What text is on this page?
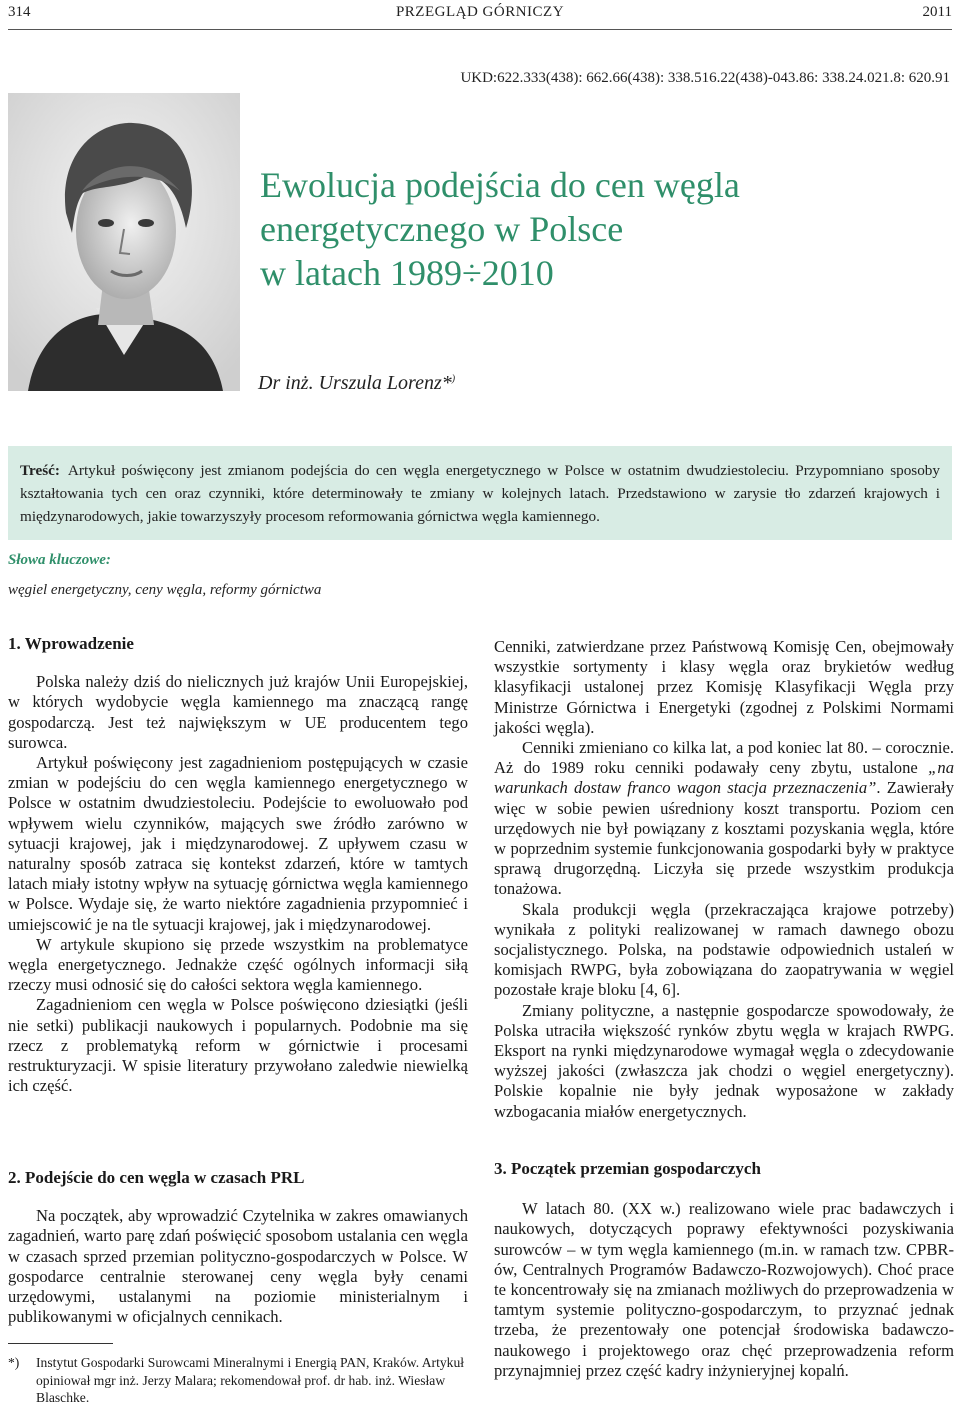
314	PRZEGLĄD GÓRNICZY	2011
UKD:622.333(438): 662.66(438): 338.516.22(438)-043.86: 338.24.021.8: 620.91
Ewolucja podejścia do cen węgla
energetycznego w Polsce
w latach 1989÷2010
Dr inż. Urszula Lorenz*)
Treść: Artykuł poświęcony jest zmianom podejścia do cen węgla energetycznego w Polsce w ostatnim dwudziestoleciu. Przypomniano sposoby kształtowania tych cen oraz czynniki, które determinowały te zmiany w kolejnych latach. Przedstawiono w zarysie tło zdarzeń krajowych i międzynarodowych, jakie towarzyszyły procesom reformowania górnictwa węgla kamiennego.
Słowa kluczowe:
węgiel energetyczny, ceny węgla, reformy górnictwa
1. Wprowadzenie

Polska należy dziś do nielicznych już krajów Unii Europejskiej, w których wydobycie węgla kamiennego ma znaczącą rangę gospodarczą. Jest też największym w UE producentem tego surowca.

Artykuł poświęcony jest zagadnieniom postępujących w czasie zmian w podejściu do cen węgla kamiennego energetycznego w Polsce w ostatnim dwudziestoleciu. Podejście to ewoluowało pod wpływem wielu czynników, mających swe źródło zarówno w sytuacji krajowej, jak i międzynarodowej. Z upływem czasu w naturalny sposób zatraca się kontekst zdarzeń, które w tamtych latach miały istotny wpływ na sytuację górnictwa węgla kamiennego w Polsce. Wydaje się, że warto niektóre zagadnienia przypomnieć i umiejscowić je na tle sytuacji krajowej, jak i międzynarodowej.

W artykule skupiono się przede wszystkim na problematyce węgla energetycznego. Jednakże część ogólnych informacji siłą rzeczy musi odnosić się do całości sektora węgla kamiennego.

Zagadnieniom cen węgla w Polsce poświęcono dziesiątki (jeśli nie setki) publikacji naukowych i popularnych. Podobnie ma się rzecz z problematyką reform w górnictwie i procesami restrukturyzacji. W spisie literatury przywołano zaledwie niewielką ich część.

2. Podejście do cen węgla w czasach PRL

Na początek, aby wprowadzić Czytelnika w zakres omawianych zagadnień, warto parę zdań poświęcić sposobom ustalania cen węgla w czasach sprzed przemian polityczno-gospodarczych w Polsce. W gospodarce centralnie sterowanej ceny węgla były cenami urzędowymi, ustalanymi na poziomie ministerialnym i publikowanymi w oficjalnych cennikach.

Cenniki, zatwierdzane przez Państwową Komisję Cen, obejmowały wszystkie sortymenty i klasy węgla oraz brykietów według klasyfikacji ustalonej przez Komisję Klasyfikacji Węgla przy Ministrze Górnictwa i Energetyki (zgodnej z Polskimi Normami jakości węgla).

Cenniki zmieniano co kilka lat, a pod koniec lat 80. – corocznie. Aż do 1989 roku cenniki podawały ceny zbytu, ustalone „na warunkach dostaw franco wagon stacja przeznaczenia”. Zawierały więc w sobie pewien uśredniony koszt transportu. Poziom cen urzędowych nie był powiązany z kosztami pozyskania węgla, które w poprzednim systemie funkcjonowania gospodarki były w praktyce sprawą drugorzędną. Liczyła się przede wszystkim produkcja tonażowa.

Skala produkcji węgla (przekraczająca krajowe potrzeby) wynikała z polityki realizowanej w ramach dawnego obozu socjalistycznego. Polska, na podstawie odpowiednich ustaleń w komisjach RWPG, była zobowiązana do zaopatrywania w węgiel pozostałe kraje bloku [4, 6].

Zmiany polityczne, a następnie gospodarcze spowodowały, że Polska utraciła większość rynków zbytu węgla w krajach RWPG. Eksport na rynki międzynarodowe wymagał węgla o zdecydowanie wyższej jakości (zwłaszcza jak chodzi o węgiel energetyczny). Polskie kopalnie nie były jednak wyposażone w zakłady wzbogacania miałów energetycznych.

3. Początek przemian gospodarczych

W latach 80. (XX w.) realizowano wiele prac badawczych i naukowych, dotyczących poprawy efektywności pozyskiwania surowców – w tym węgla kamiennego (m.in. w ramach tzw. CPBR-ów, Centralnych Programów Badawczo-Rozwojowych). Choć prace te koncentrowały się na zmianach możliwych do przeprowadzenia w tamtym systemie polityczno-gospodarczym, to przyznać jednak trzeba, że prezentowały one potencjał środowiska badawczo-naukowego i projektowego oraz chęć przeprowadzenia reform przynajmniej przez część kadry inżynieryjnej kopalń.

*) Instytut Gospodarki Surowcami Mineralnymi i Energią PAN, Kraków. Artykuł opiniował mgr inż. Jerzy Malara; rekomendował prof. dr hab. inż. Wiesław Blaschke.
